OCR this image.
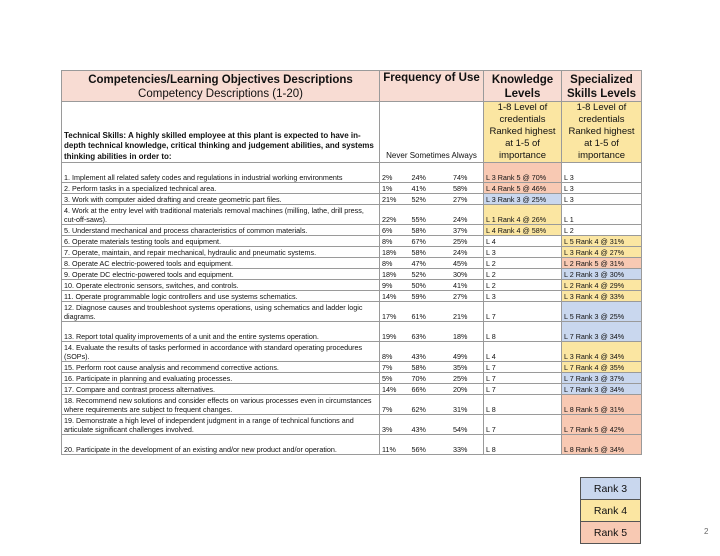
Competencies/Learning Objectives Descriptions
Competency Descriptions (1-20)	Frequency of Use	Knowledge Levels	Specialized Skills Levels
Technical Skills: A highly skilled employee at this plant is expected to have in-depth technical knowledge, critical thinking and judgement abilities, and systems thinking abilities in order to:	Never Sometimes Always	1-8 Level of credentials Ranked highest at 1-5 of importance	1-8 Level of credentials Ranked highest at 1-5 of importance
1. Implement all related safety codes and regulations in industrial working environments	2% 24% 74%	L 3 Rank 5 @ 70%	L 3
2. Perform tasks in a specialized technical area.	1% 41% 58%	L 4 Rank 5 @ 46%	L 3
3. Work with computer aided drafting and create geometric part files.	21% 52% 27%	L 3 Rank 3 @ 25%	L 3
4. Work at the entry level with traditional materials removal machines (milling, lathe, drill press, cut-off-saws).	22% 55% 24%	L 1 Rank 4 @ 26%	L 1
5. Understand mechanical and process characteristics of common materials.	6% 58% 37%	L 4 Rank 4 @ 58%	L 2
6. Operate materials testing tools and equipment.	8% 67% 25%	L 4	L 5 Rank 4 @ 31%
7. Operate, maintain, and repair mechanical, hydraulic and pneumatic systems.	18% 58% 24%	L 3	L 3 Rank 4 @ 27%
8. Operate AC electric-powered tools and equipment.	8% 47% 45%	L 2	L 2 Rank 5 @ 31%
9. Operate DC electric-powered tools and equipment.	18% 52% 30%	L 2	L 2 Rank 3 @ 30%
10. Operate electronic sensors, switches, and controls.	9% 50% 41%	L 2	L 2 Rank 4 @ 29%
11. Operate programmable logic controllers and use systems schematics.	14% 59% 27%	L 3	L 3 Rank 4 @ 33%
12. Diagnose causes and troubleshoot systems operations, using schematics and ladder logic diagrams.	17% 61% 21%	L 7	L 5 Rank 3 @ 25%
13. Report total quality improvements of a unit and the entire systems operation.	19% 63% 18%	L 8	L 7 Rank 3 @ 34%
14. Evaluate the results of tasks performed in accordance with standard operating procedures (SOPs).	8% 43% 49%	L 4	L 3 Rank 4 @ 34%
15. Perform root cause analysis and recommend corrective actions.	7% 58% 35%	L 7	L 7 Rank 4 @ 35%
16. Participate in planning and evaluating processes.	5% 70% 25%	L 7	L 7 Rank 3 @ 37%
17. Compare and contrast process alternatives.	14% 66% 20%	L 7	L 7 Rank 3 @ 34%
18. Recommend new solutions and consider effects on various processes even in circumstances where requirements are subject to frequent changes.	7% 62% 31%	L 8	L 8 Rank 5 @ 31%
19. Demonstrate a high level of independent judgment in a range of technical functions and articulate significant challenges involved.	3% 43% 54%	L 7	L 7 Rank 5 @ 42%
20. Participate in the development of an existing and/or new product and/or operation.	11% 56% 33%	L 8	L 8 Rank 5 @ 34%
Rank 3
Rank 4
Rank 5	2
